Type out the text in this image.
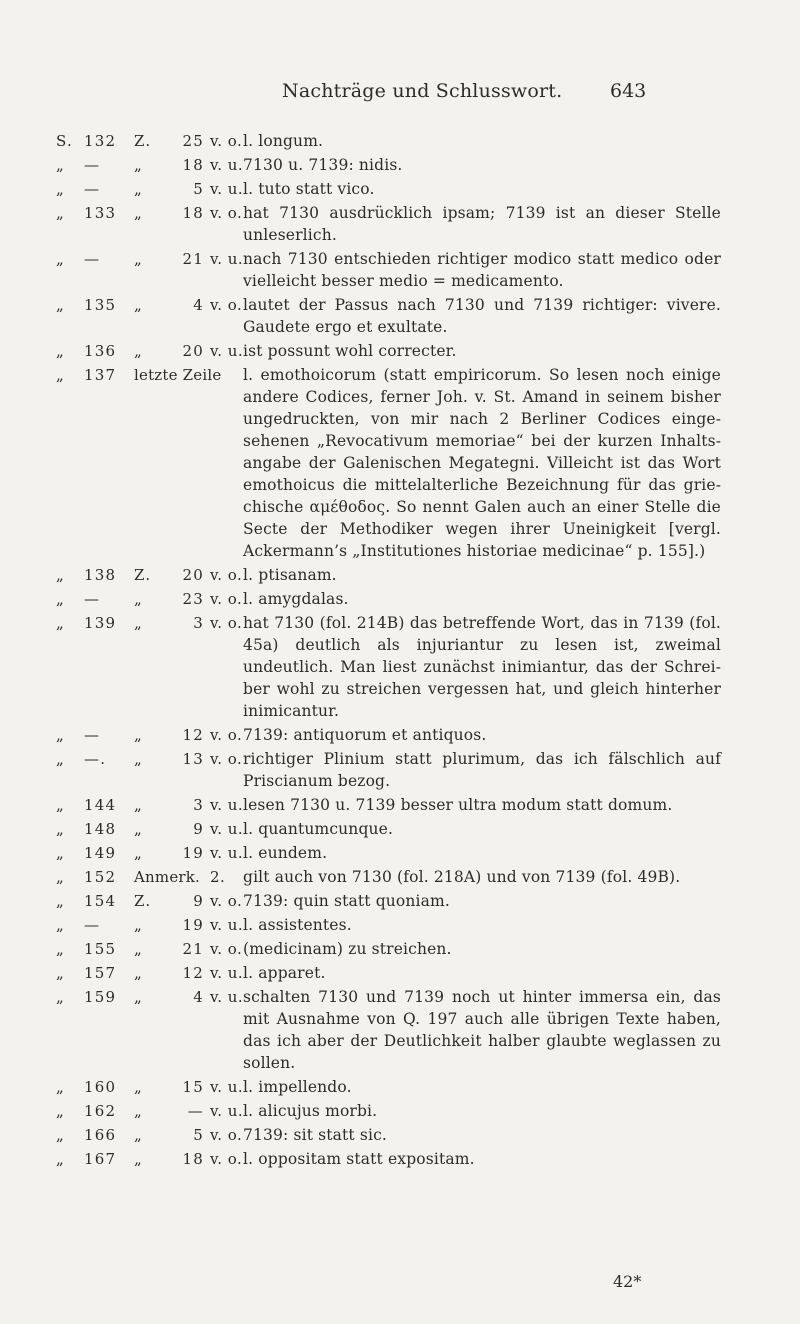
Nachträge und Schlusswort.	643
S. 132	Z.	25 v. o. l. longum.
„	—	„	18 v. u. 7130 u. 7139: nidis.
„	—	„	5 v. u. l. tuto statt vico.
„	133	„	18 v. o. hat 7130 ausdrücklich ipsam; 7139 ist an dieser Stelle unleserlich.
„	—	„	21 v. u. nach 7130 entschieden richtiger modico statt medico oder vielleicht besser medio = medicamento.
„	135	„	4 v. o. lautet der Passus nach 7130 und 7139 richtiger: vivere. Gaudete ergo et exultate.
„	136	„	20 v. u. ist possunt wohl correcter.
„	137	letzte Zeile	l. emothoicorum (statt empiricorum. So lesen noch einige andere Codices, ferner Joh. v. St. Amand in seinem bisher ungedruckten, von mir nach 2 Berliner Codices eingesehenen „Revocativum memoriae“ bei der kurzen Inhaltsangabe der Galenischen Megategni. Villeicht ist das Wort emothoicus die mittelalterliche Bezeichnung für das griechische αμέθοδος. So nennt Galen auch an einer Stelle die Secte der Methodiker wegen ihrer Uneinigkeit [vergl. Ackermann’s „Institutiones historiae medicinae“ p. 155].)
„	138	Z.	20 v. o. l. ptisanam.
„	—	„	23 v. o. l. amygdalas.
„	139	„	3 v. o. hat 7130 (fol. 214B) das betreffende Wort, das in 7139 (fol. 45a) deutlich als injuriantur zu lesen ist, zweimal undeutlich. Man liest zunächst inimiantur, das der Schreiber wohl zu streichen vergessen hat, und gleich hinterher inimicantur.
„	—	„	12 v. o. 7139: antiquorum et antiquos.
„	—.	„	13 v. o. richtiger Plinium statt plurimum, das ich fälschlich auf Priscianum bezog.
„	144	„	3 v. u. lesen 7130 u. 7139 besser ultra modum statt domum.
„	148	„	9 v. u. l. quantumcunque.
„	149	„	19 v. u. l. eundem.
„	152	Anmerk. 2.	gilt auch von 7130 (fol. 218A) und von 7139 (fol. 49B).
„	154	Z.	9 v. o. 7139: quin statt quoniam.
„	—	„	19 v. u. l. assistentes.
„	155	„	21 v. o. (medicinam) zu streichen.
„	157	„	12 v. u. l. apparet.
„	159	„	4 v. u. schalten 7130 und 7139 noch ut hinter immersa ein, das mit Ausnahme von Q. 197 auch alle übrigen Texte haben, das ich aber der Deutlichkeit halber glaubte weglassen zu sollen.
„	160	„	15 v. u. l. impellendo.
„	162	„	— v. u. l. alicujus morbi.
„	166	„	5 v. o. 7139: sit statt sic.
„	167	„	18 v. o. l. oppositam statt expositam.
42*
